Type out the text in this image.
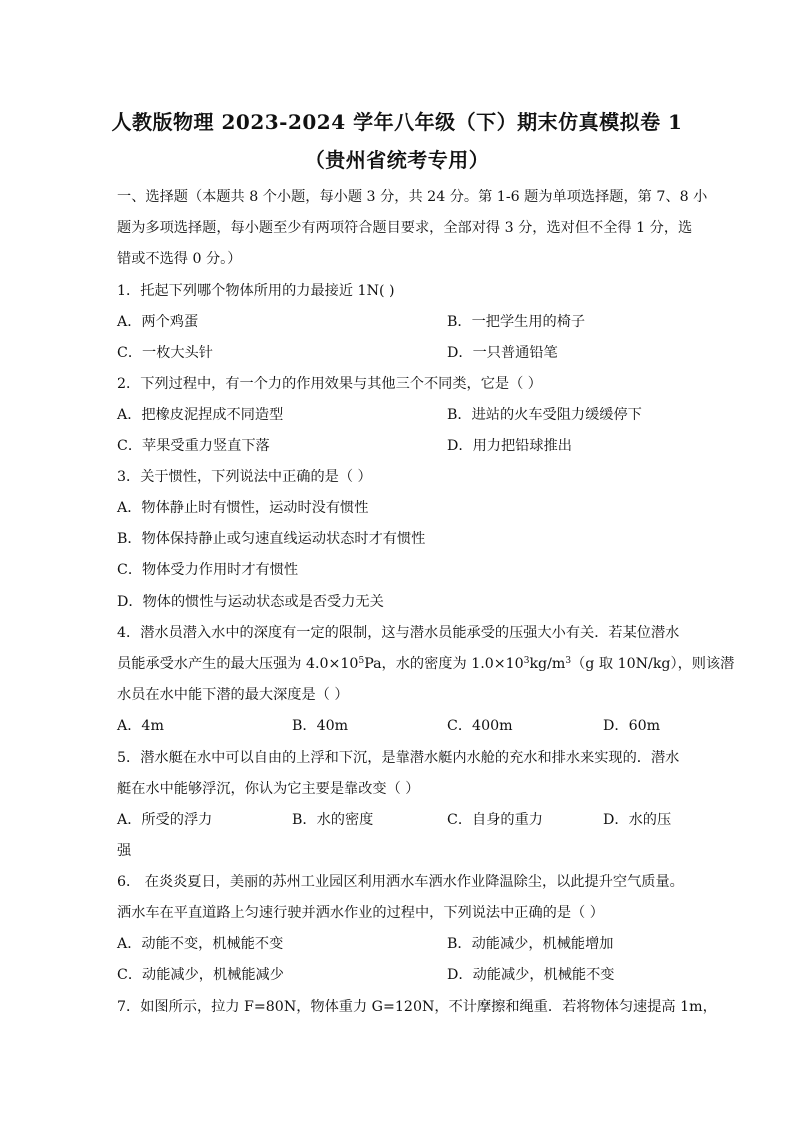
人教版物理 2023-2024 学年八年级（下）期末仿真模拟卷 1
（贵州省统考专用）
一、选择题（本题共 8 个小题，每小题 3 分，共 24 分。第 1-6 题为单项选择题，第 7、8 小
题为多项选择题，每小题至少有两项符合题目要求，全部对得 3 分，选对但不全得 1 分，选
错或不选得 0 分。）
1．托起下列哪个物体所用的力最接近 1N( )
A．两个鸡蛋	B．一把学生用的椅子
C．一枚大头针	D．一只普通铅笔
2．下列过程中，有一个力的作用效果与其他三个不同类，它是（ ）
A．把橡皮泥捏成不同造型	B．进站的火车受阻力缓缓停下
C．苹果受重力竖直下落	D．用力把铅球推出
3．关于惯性，下列说法中正确的是（ ）
A．物体静止时有惯性，运动时没有惯性
B．物体保持静止或匀速直线运动状态时才有惯性
C．物体受力作用时才有惯性
D．物体的惯性与运动状态或是否受力无关
4．潜水员潜入水中的深度有一定的限制，这与潜水员能承受的压强大小有关．若某位潜水
员能承受水产生的最大压强为 $4.0\times 10^5Pa$，水的密度为 $1.0\times 10^3kg/m^3(g$ 取 10N/kg），则该潜
水员在水中能下潜的最大深度是（ ）
A．4m	B．40m	C．400m	D．60m
5．潜水艇在水中可以自由的上浮和下沉，是靠潜水艇内水舱的充水和排水来实现的．潜水
艇在水中能够浮沉，你认为它主要是靠改变（ ）
A．所受的浮力	B．水的密度	C．自身的重力	D．水的压
强
6． 在炎炎夏日，美丽的苏州工业园区利用洒水车洒水作业降温除尘，以此提升空气质量。
洒水车在平直道路上匀速行驶并洒水作业的过程中，下列说法中正确的是（ ）
A．动能不变，机械能不变	B．动能减少，机械能增加
C．动能减少，机械能减少	D．动能减少，机械能不变
7．如图所示，拉力 F=80N，物体重力 G=120N，不计摩擦和绳重．若将物体匀速提高 1m，
